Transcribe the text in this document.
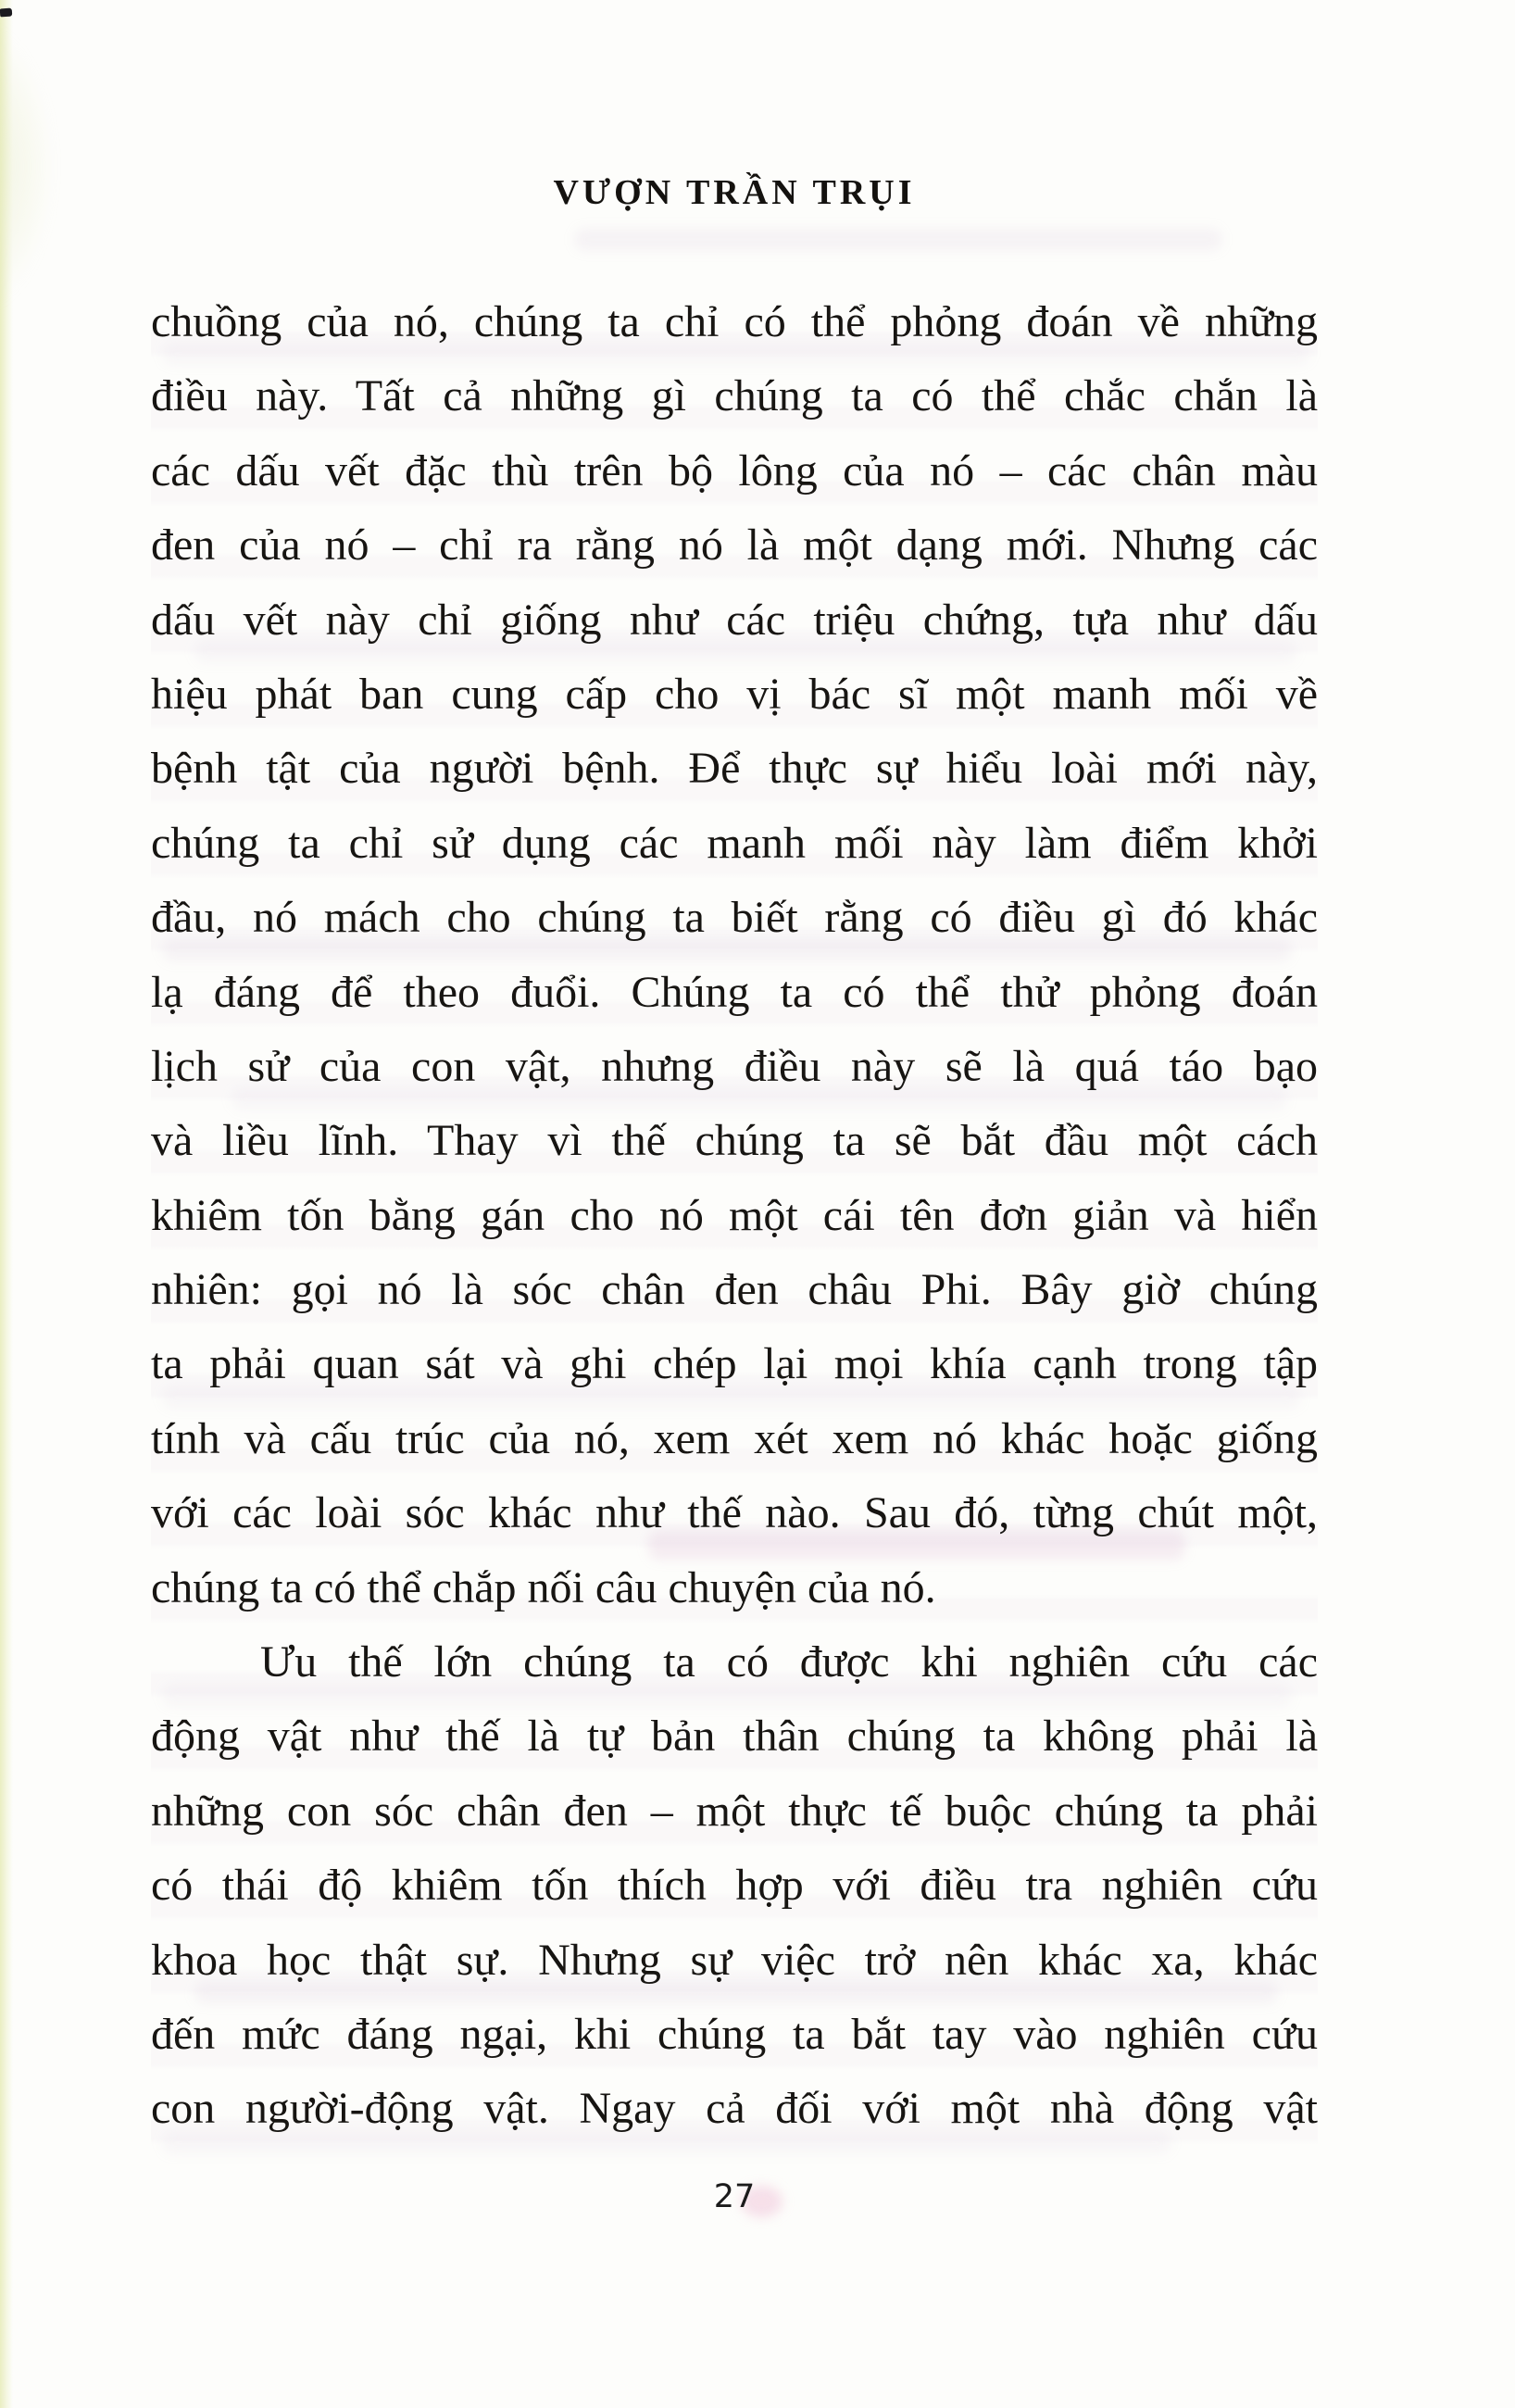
VƯỢN TRẦN TRỤI
chuồng của nó, chúng ta chỉ có thể phỏng đoán về những
điều này. Tất cả những gì chúng ta có thể chắc chắn là
các dấu vết đặc thù trên bộ lông của nó – các chân màu
đen của nó – chỉ ra rằng nó là một dạng mới. Nhưng các
dấu vết này chỉ giống như các triệu chứng, tựa như dấu
hiệu phát ban cung cấp cho vị bác sĩ một manh mối về
bệnh tật của người bệnh. Để thực sự hiểu loài mới này,
chúng ta chỉ sử dụng các manh mối này làm điểm khởi
đầu, nó mách cho chúng ta biết rằng có điều gì đó khác
lạ đáng để theo đuổi. Chúng ta có thể thử phỏng đoán
lịch sử của con vật, nhưng điều này sẽ là quá táo bạo
và liều lĩnh. Thay vì thế chúng ta sẽ bắt đầu một cách
khiêm tốn bằng gán cho nó một cái tên đơn giản và hiển
nhiên: gọi nó là sóc chân đen châu Phi. Bây giờ chúng
ta phải quan sát và ghi chép lại mọi khía cạnh trong tập
tính và cấu trúc của nó, xem xét xem nó khác hoặc giống
với các loài sóc khác như thế nào. Sau đó, từng chút một,
chúng ta có thể chắp nối câu chuyện của nó.
Ưu thế lớn chúng ta có được khi nghiên cứu các
động vật như thế là tự bản thân chúng ta không phải là
những con sóc chân đen – một thực tế buộc chúng ta phải
có thái độ khiêm tốn thích hợp với điều tra nghiên cứu
khoa học thật sự. Nhưng sự việc trở nên khác xa, khác
đến mức đáng ngại, khi chúng ta bắt tay vào nghiên cứu
con người-động vật. Ngay cả đối với một nhà động vật
27
